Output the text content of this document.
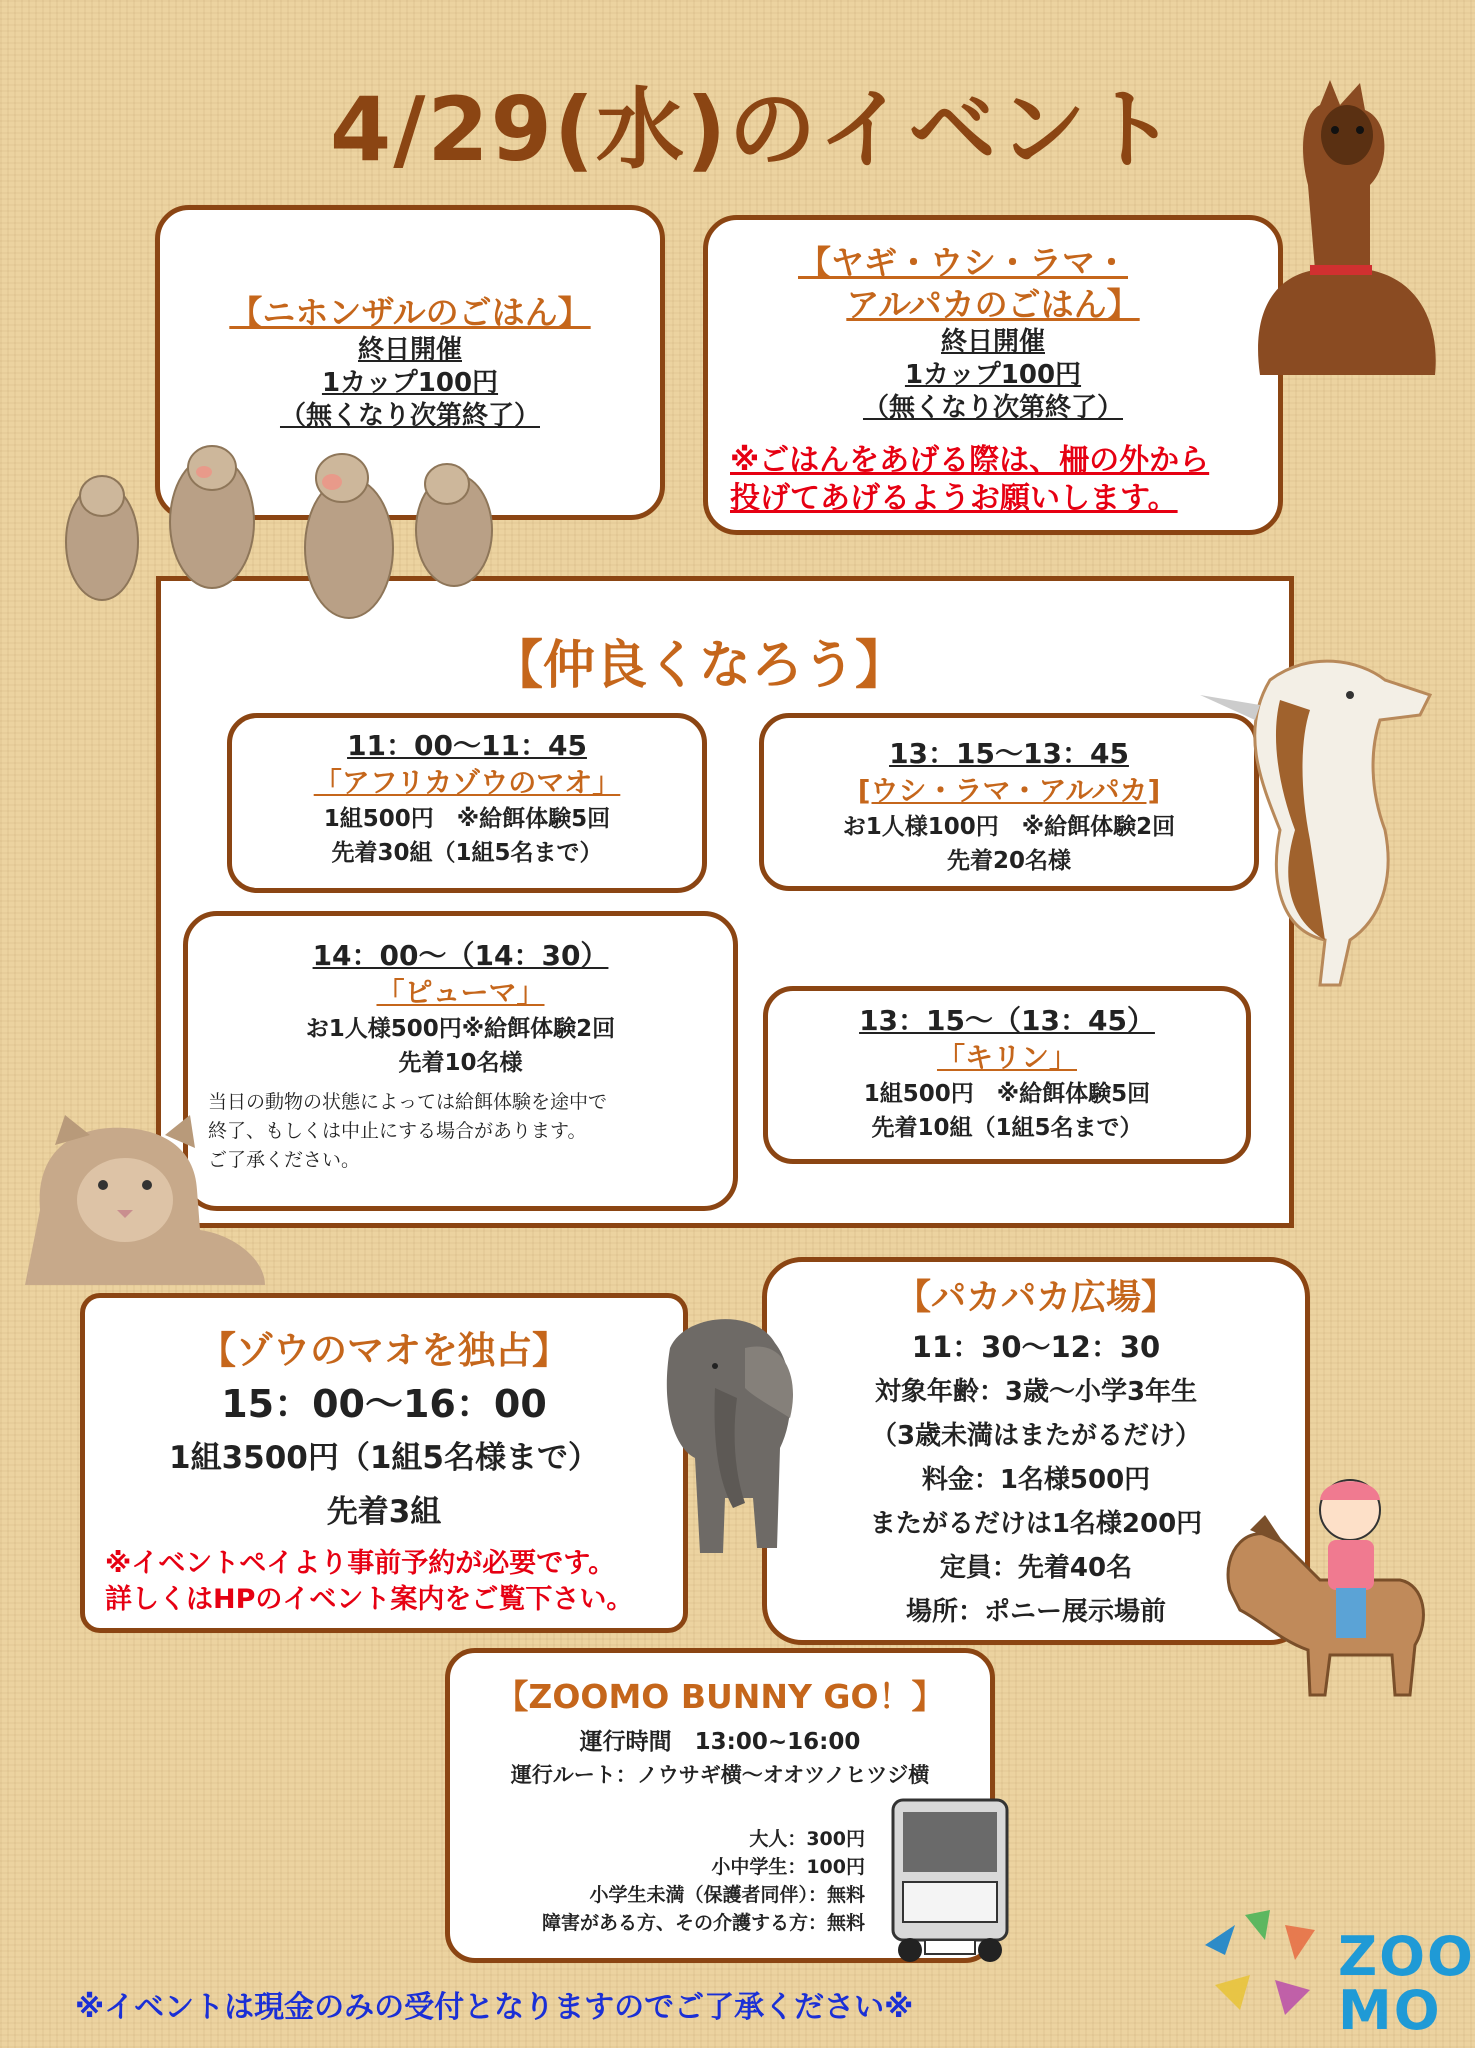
4/29(水)のイベント
【ニホンザルのごはん】
終日開催
1カップ100円
（無くなり次第終了）
【ヤギ・ウシ・ラマ・
アルパカのごはん】
終日開催
1カップ100円
（無くなり次第終了）
※ごはんをあげる際は、柵の外から
投げてあげるようお願いします。
【仲良くなろう】
11：00〜11：45
「アフリカゾウのマオ」
1組500円　※給餌体験5回
先着30組（1組5名まで）
13：15〜13：45
[ウシ・ラマ・アルパカ]
お1人様100円　※給餌体験2回
先着20名様
14：00〜（14：30）
「ピューマ」
お1人様500円※給餌体験2回
先着10名様
当日の動物の状態によっては給餌体験を途中で
終了、もしくは中止にする場合があります。
ご了承ください。
13：15〜（13：45）
「キリン」
1組500円　※給餌体験5回
先着10組（1組5名まで）
【ゾウのマオを独占】
15：00〜16：00
1組3500円（1組5名様まで）
先着3組
※イベントペイより事前予約が必要です。
詳しくはHPのイベント案内をご覧下さい。
【パカパカ広場】
11：30〜12：30
対象年齢：3歳〜小学3年生
（3歳未満はまたがるだけ）
料金：1名様500円
またがるだけは1名様200円
定員：先着40名
場所：ポニー展示場前
【ZOOMO BUNNY GO！】
運行時間　13:00~16:00
運行ルート：ノウサギ横〜オオツノヒツジ横
大人：300円
小中学生：100円
小学生未満（保護者同伴）：無料
障害がある方、その介護する方：無料
※イベントは現金のみの受付となりますのでご了承ください※
ZOO
MO
